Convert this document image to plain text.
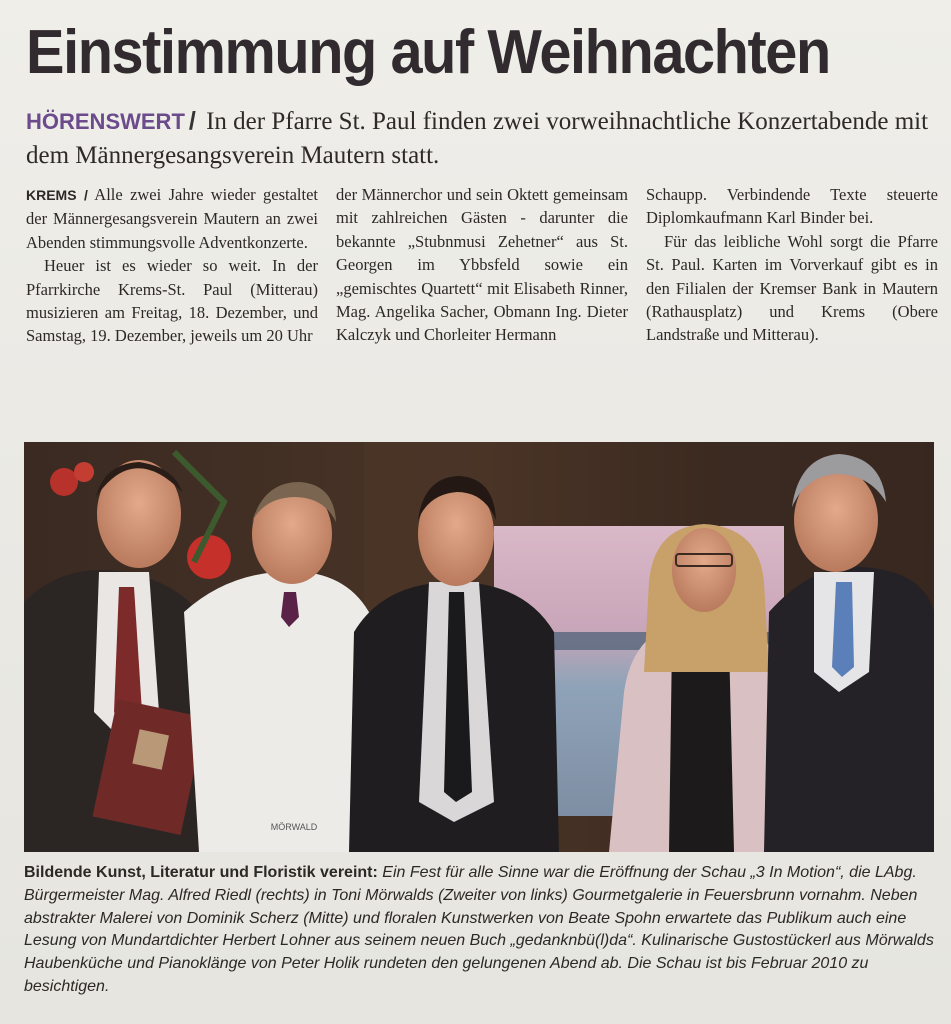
Einstimmung auf Weihnachten
HÖRENSWERT / In der Pfarre St. Paul finden zwei vorweihnachtliche Konzertabende mit dem Männergesangsverein Mautern statt.

KREMS / Alle zwei Jahre wieder gestaltet der Männergesangsverein Mautern an zwei Abenden stimmungsvolle Adventkonzerte.

Heuer ist es wieder so weit. In der Pfarrkirche Krems-St. Paul (Mitterau) musizieren am Freitag, 18. Dezember, und Samstag, 19. Dezember, jeweils um 20 Uhr

der Männerchor und sein Oktett gemeinsam mit zahlreichen Gästen - darunter die bekannte „Stubnmusi Zehetner“ aus St. Georgen im Ybbsfeld sowie ein „gemischtes Quartett“ mit Elisabeth Rinner, Mag. Angelika Sacher, Obmann Ing. Dieter Kalczyk und Chorleiter Hermann

Schaupp. Verbindende Texte steuerte Diplomkaufmann Karl Binder bei.

Für das leibliche Wohl sorgt die Pfarre St. Paul. Karten im Vorverkauf gibt es in den Filialen der Kremser Bank in Mautern (Rathausplatz) und Krems (Obere Landstraße und Mitterau).

MÖRWALD
Bildende Kunst, Literatur und Floristik vereint: Ein Fest für alle Sinne war die Eröffnung der Schau „3 In Motion“, die LAbg. Bürgermeister Mag. Alfred Riedl (rechts) in Toni Mörwalds (Zweiter von links) Gourmetgalerie in Feuersbrunn vornahm. Neben abstrakter Malerei von Dominik Scherz (Mitte) und floralen Kunstwerken von Beate Spohn erwartete das Publikum auch eine Lesung von Mundartdichter Herbert Lohner aus seinem neuen Buch „gedanknbü(l)da“. Kulinarische Gustostückerl aus Mörwalds Haubenküche und Pianoklänge von Peter Holik rundeten den gelungenen Abend ab. Die Schau ist bis Februar 2010 zu besichtigen.
